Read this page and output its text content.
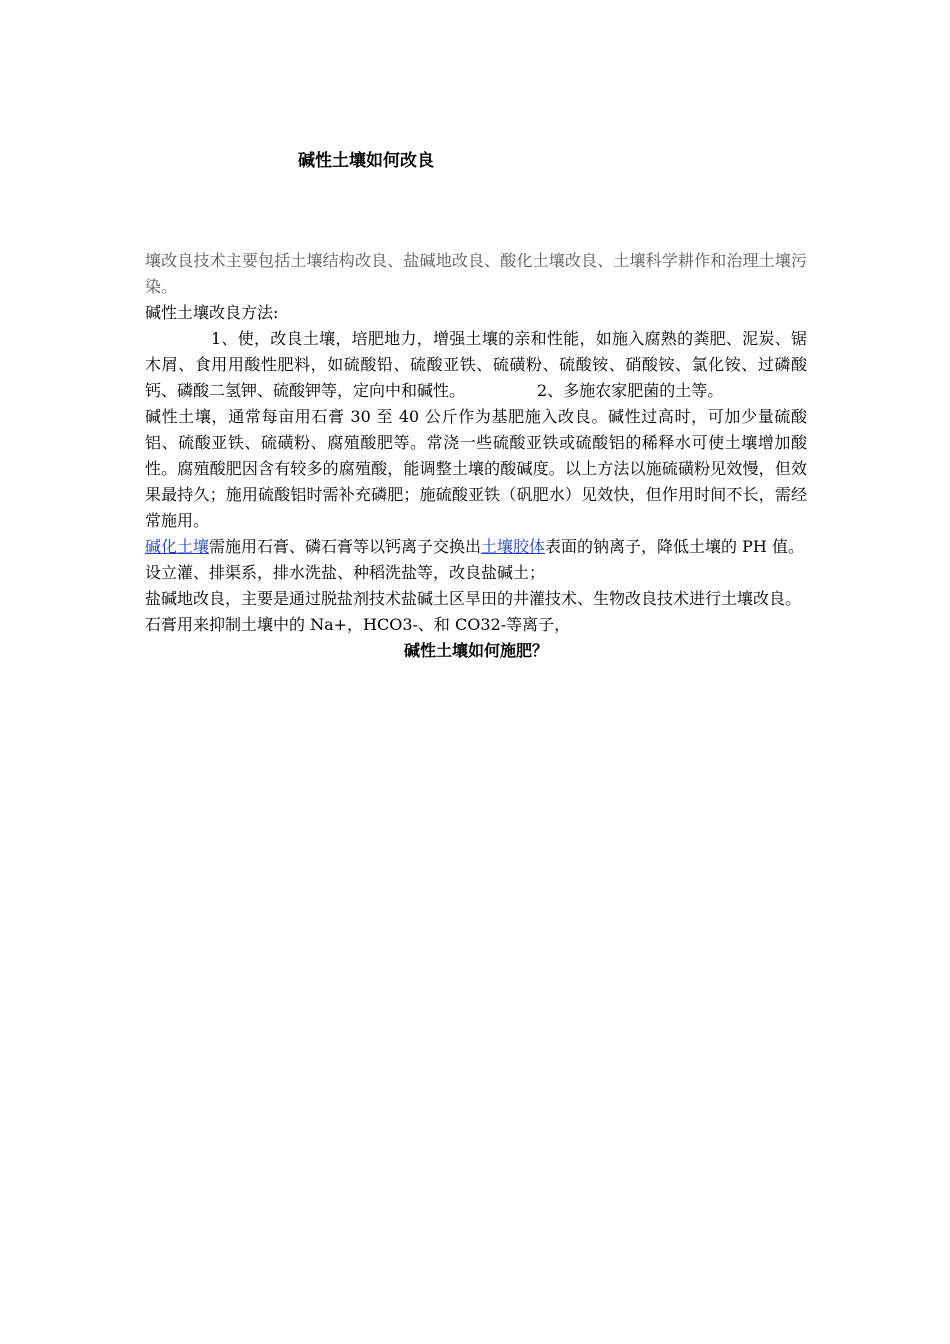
碱性土壤如何改良

壤改良技术主要包括土壤结构改良、盐碱地改良、酸化土壤改良、土壤科学耕作和治理土壤污染。

碱性土壤改良方法:

1、使，改良土壤，培肥地力，增强土壤的亲和性能，如施入腐熟的粪肥、泥炭、锯木屑、食用用酸性肥料，如硫酸铅、硫酸亚铁、硫磺粉、硫酸铵、硝酸铵、氯化铵、过磷酸钙、磷酸二氢钾、硫酸钾等，定向中和碱性。	2、多施农家肥菌的土等。

碱性土壤，通常每亩用石膏 30 至 40 公斤作为基肥施入改良。碱性过高时，可加少量硫酸铝、硫酸亚铁、硫磺粉、腐殖酸肥等。常浇一些硫酸亚铁或硫酸铝的稀释水可使土壤增加酸性。腐殖酸肥因含有较多的腐殖酸，能调整土壤的酸碱度。以上方法以施硫磺粉见效慢，但效果最持久；施用硫酸铝时需补充磷肥；施硫酸亚铁（矾肥水）见效快，但作用时间不长，需经常施用。

碱化土壤需施用石膏、磷石膏等以钙离子交换出土壤胶体表面的钠离子，降低土壤的 PH 值。

设立灌、排渠系，排水洗盐、种稻洗盐等，改良盐碱土；

盐碱地改良，主要是通过脱盐剂技术盐碱土区旱田的井灌技术、生物改良技术进行土壤改良。

石膏用来抑制土壤中的 Na+，HCO3-、和 CO32-等离子，

碱性土壤如何施肥？
